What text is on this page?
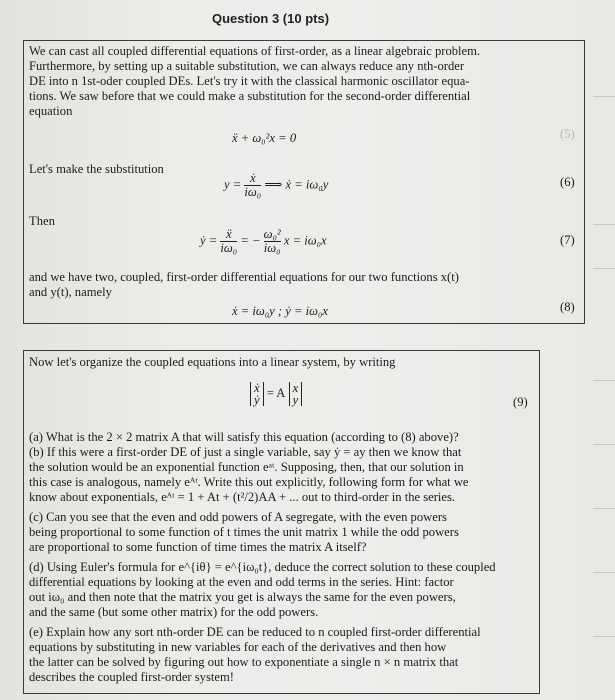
Question 3 (10 pts)
We can cast all coupled differential equations of first-order, as a linear algebraic problem.
Furthermore, by setting up a suitable substitution, we can always reduce any nth-order
DE into n 1st-oder coupled DEs. Let's try it with the classical harmonic oscillator equa-
tions. We saw before that we could make a substitution for the second-order differential
equation
ẍ + ω₀²x = 0	(5)
Let's make the substitution
$y = \frac{\text{ẋ}}{\text{iω₀}}$ ⟹ ẋ = iω₀y	(6)
Then
ẏ = $\frac{\text{ẍ}}{\text{iω₀}}$ = − $\frac{\text{ω₀²}}{\text{iω₀}}$ x = iω₀x	(7)
and we have two, coupled, first-order differential equations for our two functions x(t)
and y(t), namely
ẋ = iω₀y ; ẏ = iω₀x	(8)
Now let's organize the coupled equations into a linear system, by writing
ẋ
ẏ = A x
y	(9)
(a) What is the 2 × 2 matrix A that will satisfy this equation (according to (8) above)?
(b) If this were a first-order DE of just a single variable, say ẏ = ay then we know that
the solution would be an exponential function eᵃᵗ. Supposing, then, that our solution in
this case is analogous, namely eᴬᵗ. Write this out explicitly, following form for what we
know about exponentials, eᴬᵗ = 1 + At + (t²/2)AA + ... out to third-order in the series.
(c) Can you see that the even and odd powers of A segregate, with the even powers
being proportional to some function of t times the unit matrix 1 while the odd powers
are proportional to some function of time times the matrix A itself?
(d) Using Euler's formula for e^{iθ} = e^{iω₀t}, deduce the correct solution to these coupled
differential equations by looking at the even and odd terms in the series. Hint: factor
out iω₀ and then note that the matrix you get is always the same for the even powers,
and the same (but some other matrix) for the odd powers.
(e) Explain how any sort nth-order DE can be reduced to n coupled first-order differential
equations by substituting in new variables for each of the derivatives and then how
the latter can be solved by figuring out how to exponentiate a single n × n matrix that
describes the coupled first-order system!
